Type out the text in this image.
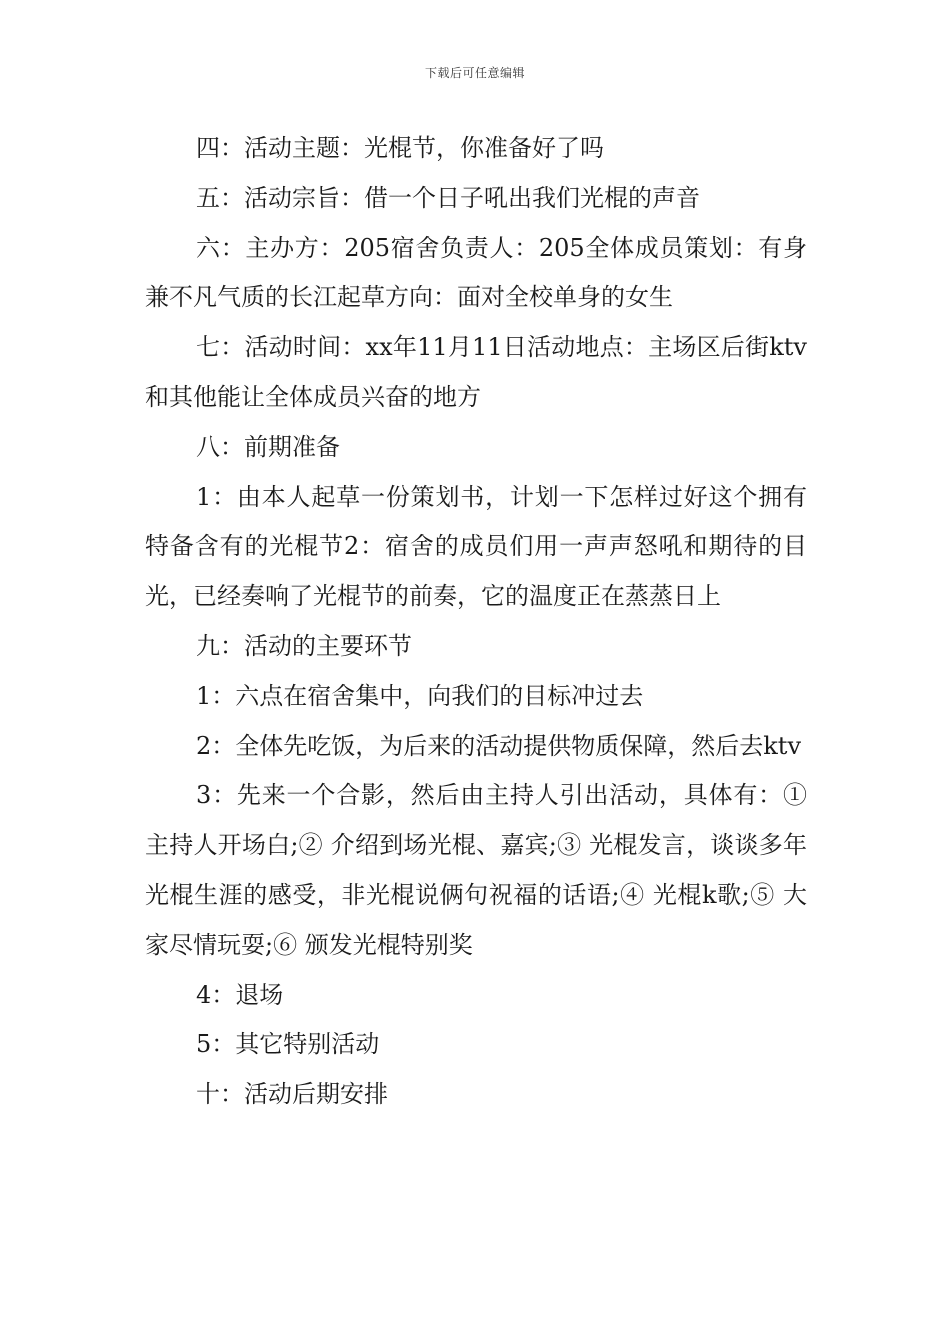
下载后可任意编辑

四：活动主题：光棍节，你准备好了吗

五：活动宗旨：借一个日子吼出我们光棍的声音

六：主办方：205宿舍负责人：205全体成员策划：有身兼不凡气质的长江起草方向：面对全校单身的女生

七：活动时间：xx年11月11日活动地点：主场区后街ktv和其他能让全体成员兴奋的地方

八：前期准备

1：由本人起草一份策划书，计划一下怎样过好这个拥有特备含有的光棍节2：宿舍的成员们用一声声怒吼和期待的目光，已经奏响了光棍节的前奏，它的温度正在蒸蒸日上

九：活动的主要环节

1：六点在宿舍集中，向我们的目标冲过去

2：全体先吃饭，为后来的活动提供物质保障，然后去ktv

3：先来一个合影，然后由主持人引出活动，具体有：① 主持人开场白;② 介绍到场光棍、嘉宾;③ 光棍发言，谈谈多年光棍生涯的感受，非光棍说俩句祝福的话语;④ 光棍k歌;⑤ 大家尽情玩耍;⑥ 颁发光棍特别奖

4：退场

5：其它特别活动

十：活动后期安排
